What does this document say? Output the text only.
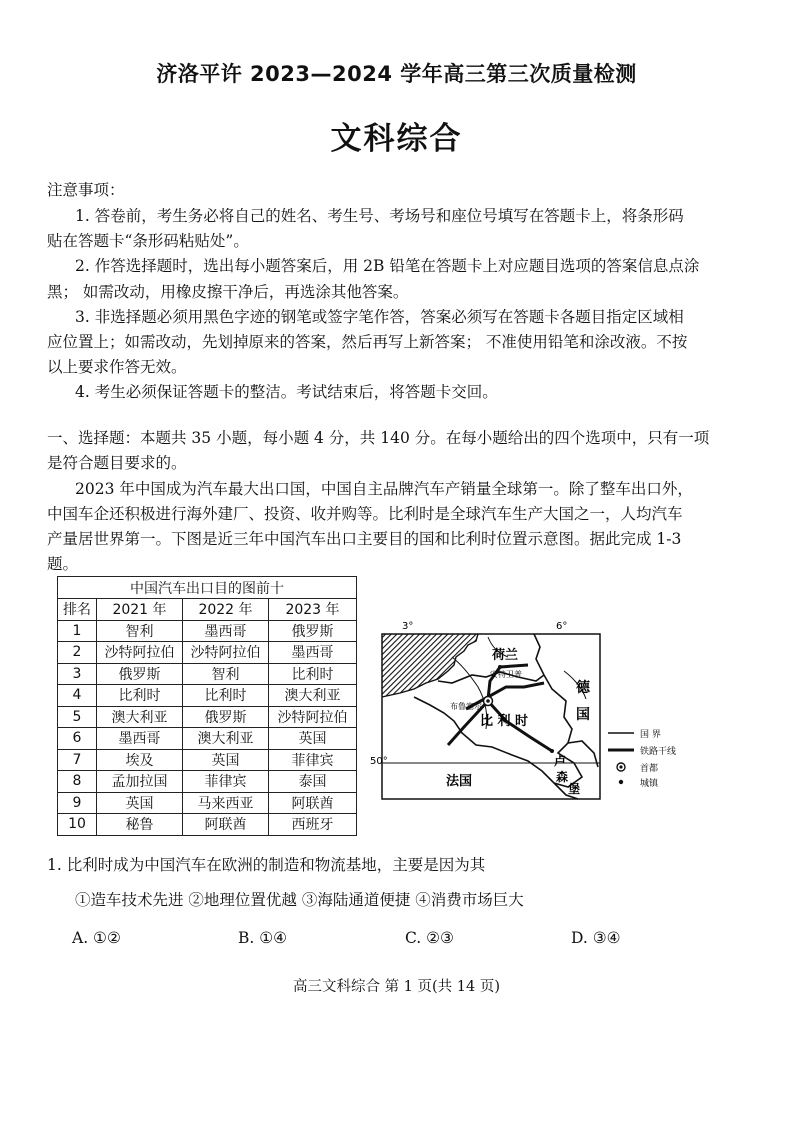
济洛平许 2023—2024 学年高三第三次质量检测
文科综合
注意事项：
1. 答卷前，考生务必将自己的姓名、考生号、考场号和座位号填写在答题卡上，将条形码
贴在答题卡“条形码粘贴处”。
2. 作答选择题时，选出每小题答案后，用 2B 铅笔在答题卡上对应题目选项的答案信息点涂
黑； 如需改动，用橡皮擦干净后，再选涂其他答案。
3. 非选择题必须用黑色字迹的钢笔或签字笔作答，答案必须写在答题卡各题目指定区域相
应位置上；如需改动，先划掉原来的答案，然后再写上新答案； 不准使用铅笔和涂改液。不按
以上要求作答无效。
4. 考生必须保证答题卡的整洁。考试结束后，将答题卡交回。
一、选择题：本题共 35 小题，每小题 4 分，共 140 分。在每小题给出的四个选项中，只有一项
是符合题目要求的。
2023 年中国成为汽车最大出口国，中国自主品牌汽车产销量全球第一。除了整车出口外，
中国车企还积极进行海外建厂、投资、收并购等。比利时是全球汽车生产大国之一，人均汽车
产量居世界第一。下图是近三年中国汽车出口主要目的国和比利时位置示意图。据此完成 1-3
题。
中国汽车出口目的图前十			
排名	2021 年	2022 年	2023 年
1	智利	墨西哥	俄罗斯
2	沙特阿拉伯	沙特阿拉伯	墨西哥
3	俄罗斯	智利	比利时
4	比利时	比利时	澳大利亚
5	澳大利亚	俄罗斯	沙特阿拉伯
6	墨西哥	澳大利亚	英国
7	埃及	英国	菲律宾
8	孟加拉国	菲律宾	泰国
9	英国	马来西亚	阿联酋
10	秘鲁	阿联酋	西班牙
3°	6°
50°
荷兰
安特卫普
布鲁塞尔
比 利 时
德
国
法国
卢
森
堡
国 界
铁路干线
首都
城镇
1. 比利时成为中国汽车在欧洲的制造和物流基地，主要是因为其
①造车技术先进 ②地理位置优越 ③海陆通道便捷 ④消费市场巨大
A. ①②	B. ①④	C. ②③	D. ③④
高三文科综合 第 1 页(共 14 页)
